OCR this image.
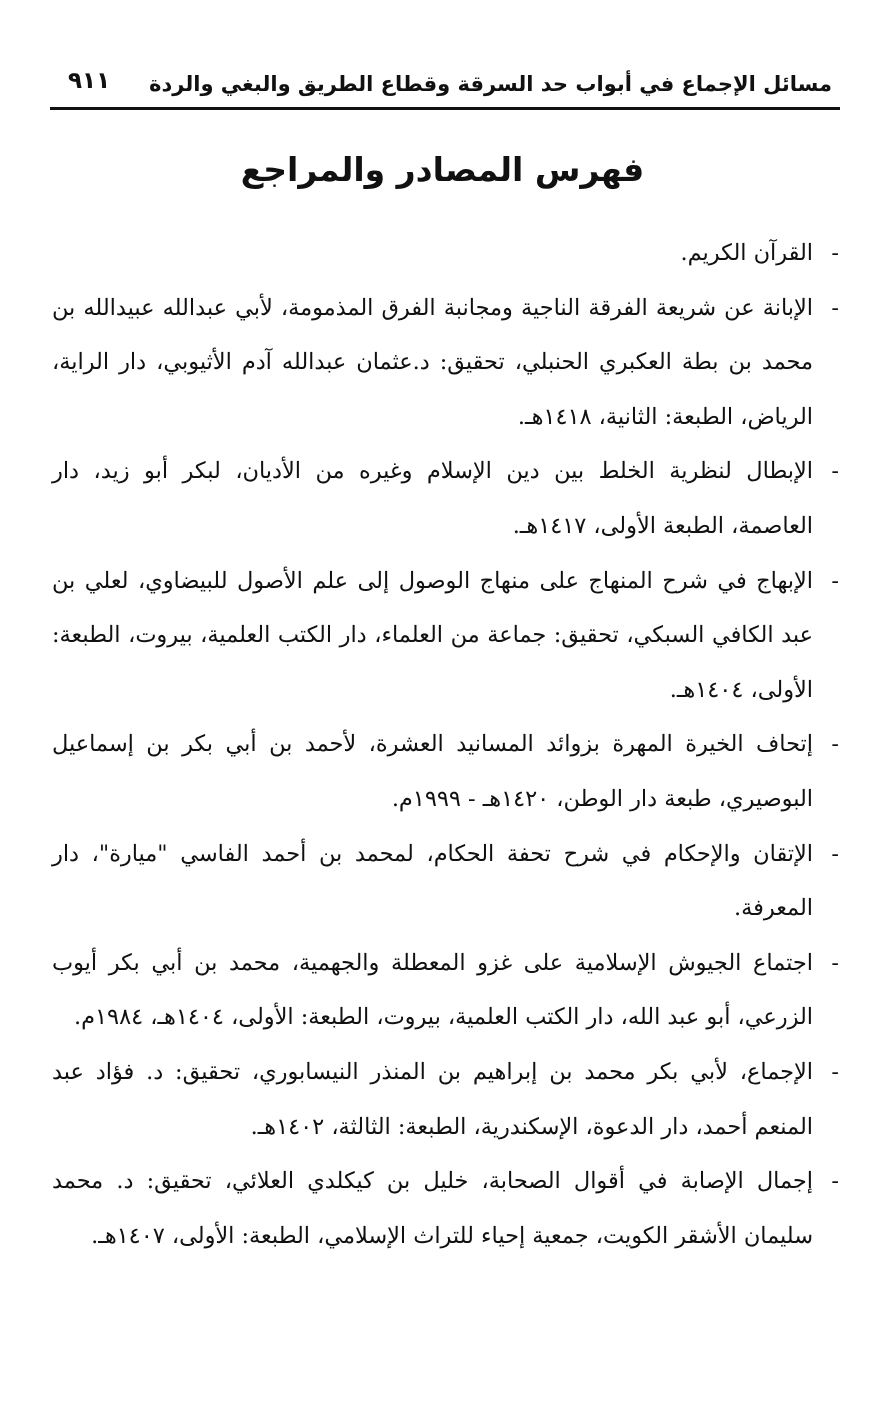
مسائل الإجماع في أبواب حد السرقة وقطاع الطريق والبغي والردة
٩١١
فهرس المصادر والمراجع
-
القرآن الكريم.
-
الإبانة عن شريعة الفرقة الناجية ومجانبة الفرق المذمومة، لأبي عبدالله عبيدالله بن محمد بن بطة العكبري الحنبلي، تحقيق: د.عثمان عبدالله آدم الأثيوبي، دار الراية، الرياض، الطبعة: الثانية، ١٤١٨هـ.
-
الإبطال لنظرية الخلط بين دين الإسلام وغيره من الأديان، لبكر أبو زيد، دار العاصمة، الطبعة الأولى، ١٤١٧هـ.
-
الإبهاج في شرح المنهاج على منهاج الوصول إلى علم الأصول للبيضاوي، لعلي بن عبد الكافي السبكي، تحقيق: جماعة من العلماء، دار الكتب العلمية، بيروت، الطبعة: الأولى، ١٤٠٤هـ.
-
إتحاف الخيرة المهرة بزوائد المسانيد العشرة، لأحمد بن أبي بكر بن إسماعيل البوصيري، طبعة دار الوطن، ١٤٢٠هـ - ١٩٩٩م.
-
الإتقان والإحكام في شرح تحفة الحكام، لمحمد بن أحمد الفاسي "ميارة"، دار المعرفة.
-
اجتماع الجيوش الإسلامية على غزو المعطلة والجهمية، محمد بن أبي بكر أيوب الزرعي، أبو عبد الله، دار الكتب العلمية، بيروت، الطبعة: الأولى، ١٤٠٤هـ، ١٩٨٤م.
-
الإجماع، لأبي بكر محمد بن إبراهيم بن المنذر النيسابوري، تحقيق: د. فؤاد عبد المنعم أحمد، دار الدعوة، الإسكندرية، الطبعة: الثالثة، ١٤٠٢هـ.
-
إجمال الإصابة في أقوال الصحابة، خليل بن كيكلدي العلائي، تحقيق: د. محمد سليمان الأشقر الكويت، جمعية إحياء للتراث الإسلامي، الطبعة: الأولى، ١٤٠٧هـ.
